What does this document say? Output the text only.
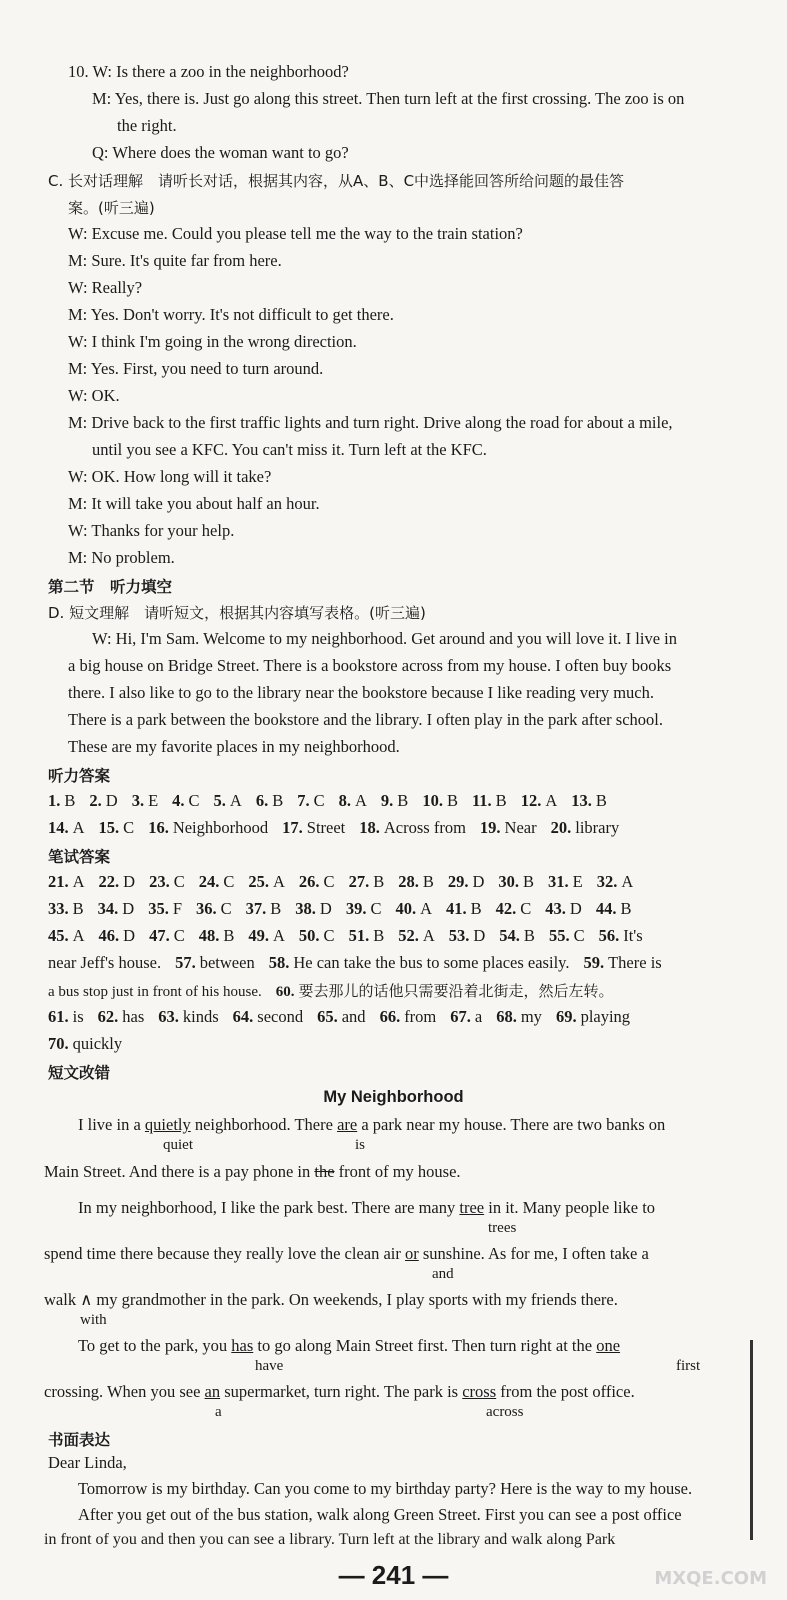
10. W: Is there a zoo in the neighborhood?
M: Yes, there is. Just go along this street. Then turn left at the first crossing. The zoo is on
the right.
Q: Where does the woman want to go?
C. 长对话理解　请听长对话，根据其内容，从A、B、C中选择能回答所给问题的最佳答
案。(听三遍)
W: Excuse me. Could you please tell me the way to the train station?
M: Sure. It's quite far from here.
W: Really?
M: Yes. Don't worry. It's not difficult to get there.
W: I think I'm going in the wrong direction.
M: Yes. First, you need to turn around.
W: OK.
M: Drive back to the first traffic lights and turn right. Drive along the road for about a mile,
until you see a KFC. You can't miss it. Turn left at the KFC.
W: OK. How long will it take?
M: It will take you about half an hour.
W: Thanks for your help.
M: No problem.
第二节　听力填空
D. 短文理解　请听短文，根据其内容填写表格。(听三遍)
W: Hi, I'm Sam. Welcome to my neighborhood. Get around and you will love it. I live in
a big house on Bridge Street. There is a bookstore across from my house. I often buy books
there. I also like to go to the library near the bookstore because I like reading very much.
There is a park between the bookstore and the library. I often play in the park after school.
These are my favorite places in my neighborhood.
听力答案
1. B 2. D 3. E 4. C 5. A 6. B 7. C 8. A 9. B 10. B 11. B 12. A 13. B
14. A 15. C 16. Neighborhood 17. Street 18. Across from 19. Near 20. library
笔试答案
21. A 22. D 23. C 24. C 25. A 26. C 27. B 28. B 29. D 30. B 31. E 32. A
33. B 34. D 35. F 36. C 37. B 38. D 39. C 40. A 41. B 42. C 43. D 44. B
45. A 46. D 47. C 48. B 49. A 50. C 51. B 52. A 53. D 54. B 55. C 56. It's
near Jeff's house. 57. between 58. He can take the bus to some places easily. 59. There is
a bus stop just in front of his house. 60. 要去那儿的话他只需要沿着北街走，然后左转。
61. is 62. has 63. kinds 64. second 65. and 66. from 67. a 68. my 69. playing
70. quickly
短文改错
My Neighborhood
I live in a quietly neighborhood. There are a park near my house. There are two banks on
quiet	is
Main Street. And there is a pay phone in the front of my house.
In my neighborhood, I like the park best. There are many tree in it. Many people like to
trees
spend time there because they really love the clean air or sunshine. As for me, I often take a
and
walk ∧ my grandmother in the park. On weekends, I play sports with my friends there.
with
To get to the park, you has to go along Main Street first. Then turn right at the one
have	first
crossing. When you see an supermarket, turn right. The park is cross from the post office.
a	across
书面表达
Dear Linda,
Tomorrow is my birthday. Can you come to my birthday party? Here is the way to my house.
After you get out of the bus station, walk along Green Street. First you can see a post office
in front of you and then you can see a library. Turn left at the library and walk along Park
— 241 —	MXQE.COM
